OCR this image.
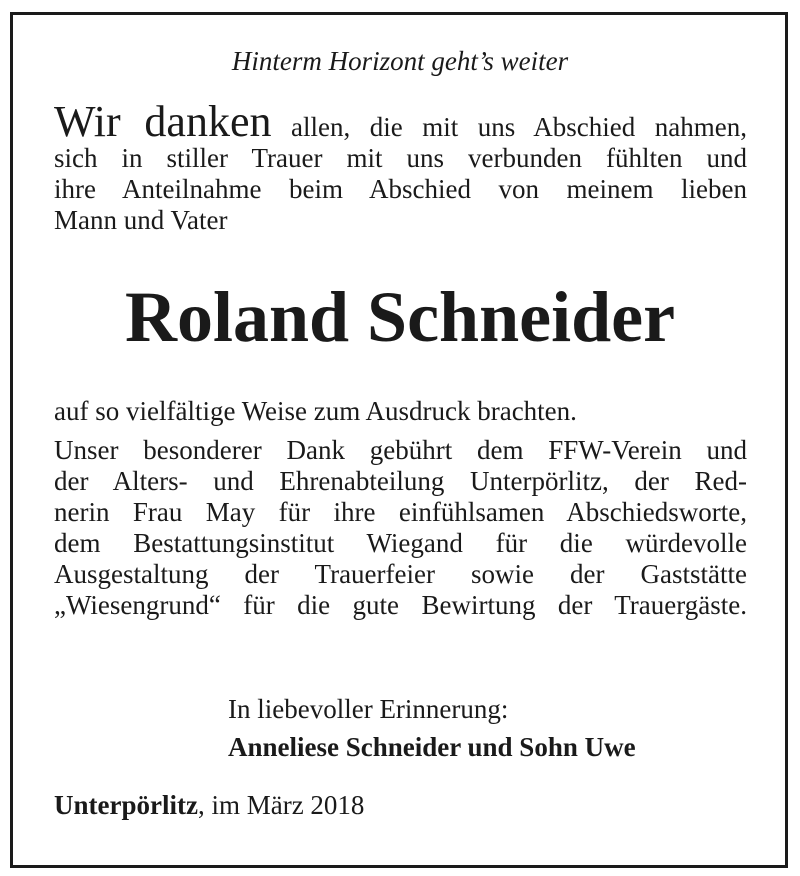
Hinterm Horizont geht’s weiter
Wir danken allen, die mit uns Abschied nahmen,
sich in stiller Trauer mit uns verbunden fühlten und
ihre Anteilnahme beim Abschied von meinem lieben
Mann und Vater
Roland Schneider
auf so vielfältige Weise zum Ausdruck brachten.
Unser besonderer Dank gebührt dem FFW-Verein und
der Alters- und Ehrenabteilung Unterpörlitz, der Red-
nerin Frau May für ihre einfühlsamen Abschiedsworte,
dem Bestattungsinstitut Wiegand für die würdevolle
Ausgestaltung der Trauerfeier sowie der Gaststätte
„Wiesengrund“ für die gute Bewirtung der Trauergäste.
In liebevoller Erinnerung:
Anneliese Schneider und Sohn Uwe
Unterpörlitz, im März 2018
